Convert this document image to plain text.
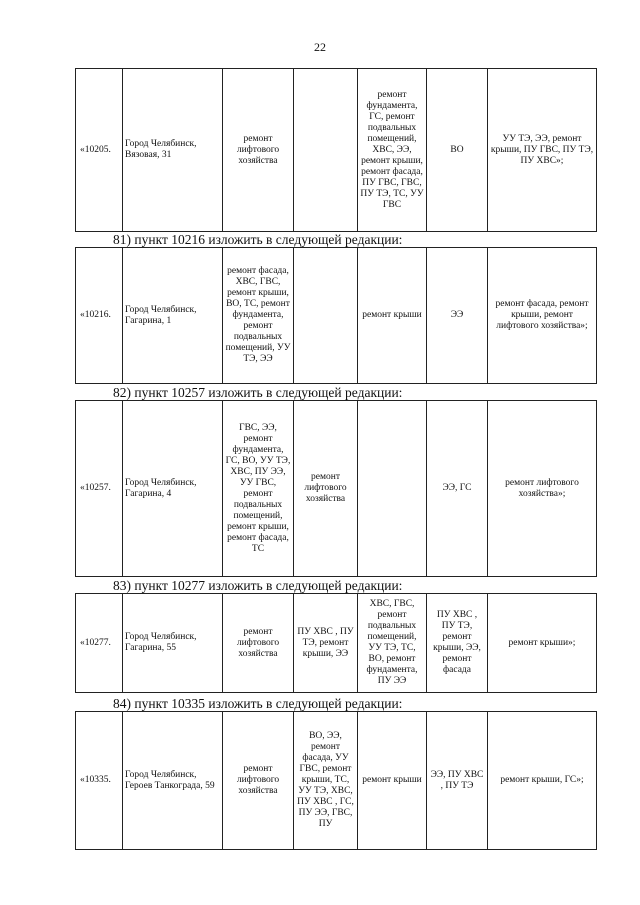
22
«10205.	Город Челябинск, Вязовая, 31	ремонт лифтового хозяйства		ремонт фундамента, ГС, ремонт подвальных помещений, ХВС, ЭЭ, ремонт крыши, ремонт фасада, ПУ ГВС, ГВС, ПУ ТЭ, ТС, УУ ГВС	ВО	УУ ТЭ, ЭЭ, ремонт крыши, ПУ ГВС, ПУ ТЭ, ПУ ХВС»;
81) пункт 10216 изложить в следующей редакции:
«10216.	Город Челябинск, Гагарина, 1	ремонт фасада, ХВС, ГВС, ремонт крыши, ВО, ТС, ремонт фундамента, ремонт подвальных помещений, УУ ТЭ, ЭЭ		ремонт крыши	ЭЭ	ремонт фасада, ремонт крыши, ремонт лифтового хозяйства»;
82) пункт 10257 изложить в следующей редакции:
«10257.	Город Челябинск, Гагарина, 4	ГВС, ЭЭ, ремонт фундамента, ГС, ВО, УУ ТЭ, ХВС, ПУ ЭЭ, УУ ГВС, ремонт подвальных помещений, ремонт крыши, ремонт фасада, ТС	ремонт лифтового хозяйства		ЭЭ, ГС	ремонт лифтового хозяйства»;
83) пункт 10277 изложить в следующей редакции:
«10277.	Город Челябинск, Гагарина, 55	ремонт лифтового хозяйства	ПУ ХВС , ПУ ТЭ, ремонт крыши, ЭЭ	ХВС, ГВС, ремонт подвальных помещений, УУ ТЭ, ТС, ВО, ремонт фундамента, ПУ ЭЭ	ПУ ХВС , ПУ ТЭ, ремонт крыши, ЭЭ, ремонт фасада	ремонт крыши»;
84) пункт 10335 изложить в следующей редакции:
«10335.	Город Челябинск, Героев Танкограда, 59	ремонт лифтового хозяйства	ВО, ЭЭ, ремонт фасада, УУ ГВС, ремонт крыши, ТС, УУ ТЭ, ХВС, ПУ ХВС , ГС, ПУ ЭЭ, ГВС, ПУ	ремонт крыши	ЭЭ, ПУ ХВС , ПУ ТЭ	ремонт крыши, ГС»;
